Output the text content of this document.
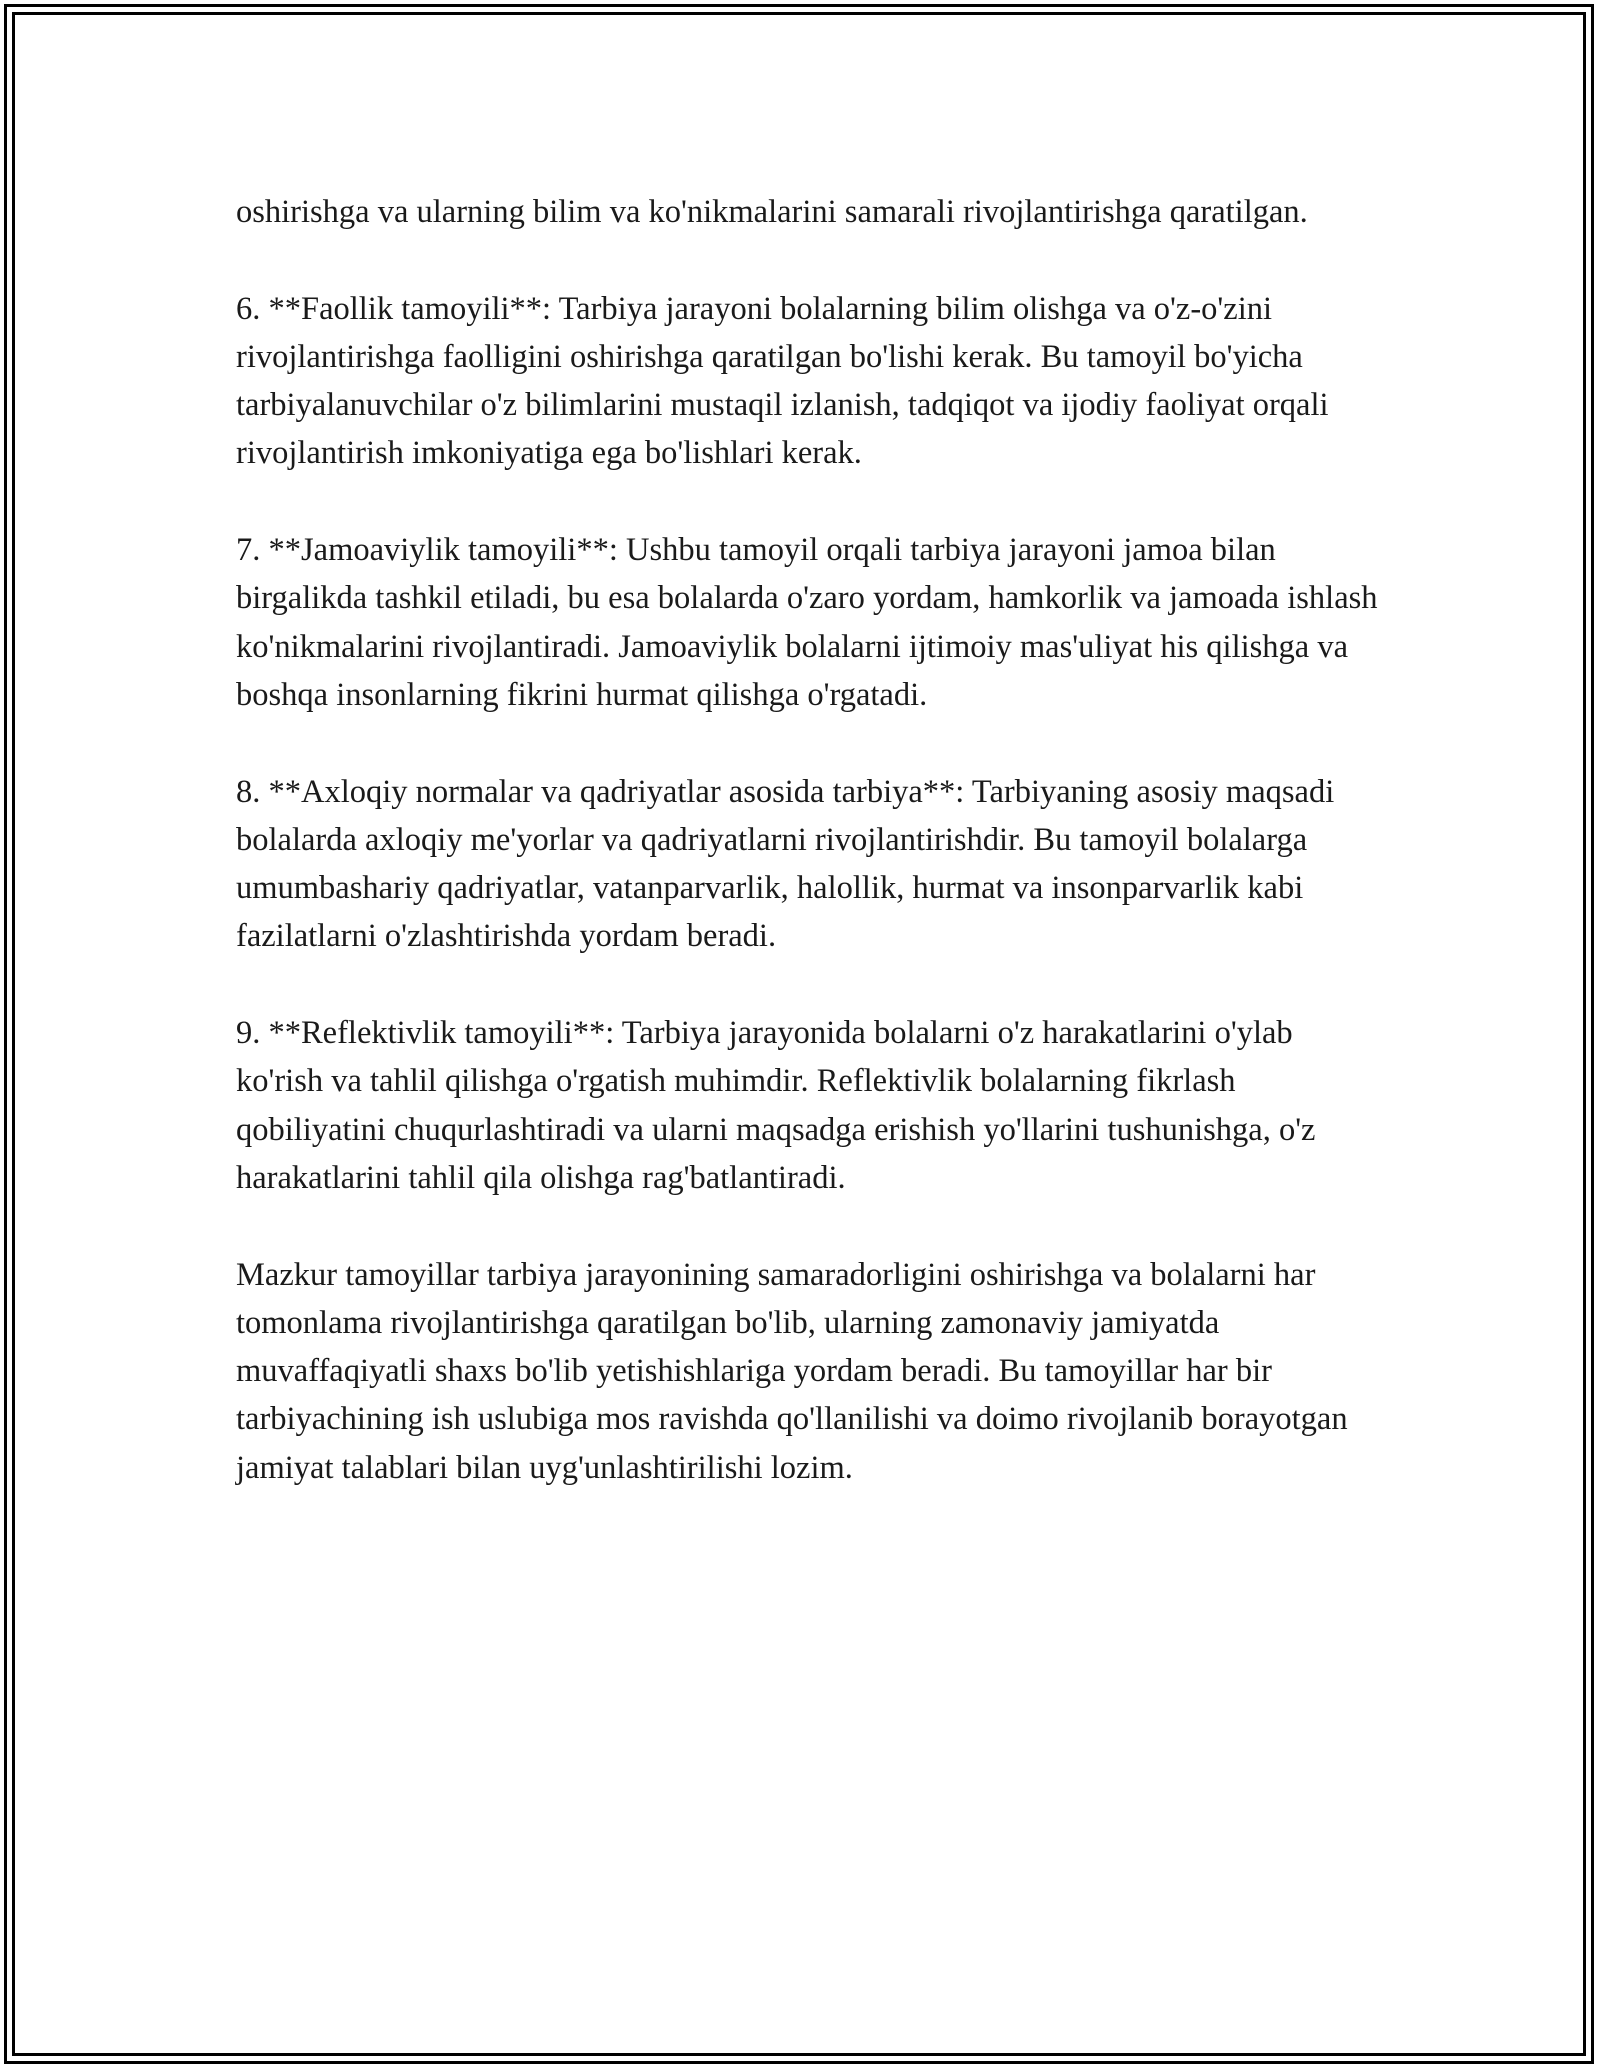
oshirishga va ularning bilim va ko'nikmalarini samarali rivojlantirishga qaratilgan.

6. **Faollik tamoyili**: Tarbiya jarayoni bolalarning bilim olishga va o'z-o'zini rivojlantirishga faolligini oshirishga qaratilgan bo'lishi kerak. Bu tamoyil bo'yicha tarbiyalanuvchilar o'z bilimlarini mustaqil izlanish, tadqiqot va ijodiy faoliyat orqali rivojlantirish imkoniyatiga ega bo'lishlari kerak.

7. **Jamoaviylik tamoyili**: Ushbu tamoyil orqali tarbiya jarayoni jamoa bilan birgalikda tashkil etiladi, bu esa bolalarda o'zaro yordam, hamkorlik va jamoada ishlash ko'nikmalarini rivojlantiradi. Jamoaviylik bolalarni ijtimoiy mas'uliyat his qilishga va boshqa insonlarning fikrini hurmat qilishga o'rgatadi.

8. **Axloqiy normalar va qadriyatlar asosida tarbiya**: Tarbiyaning asosiy maqsadi bolalarda axloqiy me'yorlar va qadriyatlarni rivojlantirishdir. Bu tamoyil bolalarga umumbashariy qadriyatlar, vatanparvarlik, halollik, hurmat va insonparvarlik kabi fazilatlarni o'zlashtirishda yordam beradi.

9. **Reflektivlik tamoyili**: Tarbiya jarayonida bolalarni o'z harakatlarini o'ylab ko'rish va tahlil qilishga o'rgatish muhimdir. Reflektivlik bolalarning fikrlash qobiliyatini chuqurlashtiradi va ularni maqsadga erishish yo'llarini tushunishga, o'z harakatlarini tahlil qila olishga rag'batlantiradi.

Mazkur tamoyillar tarbiya jarayonining samaradorligini oshirishga va bolalarni har tomonlama rivojlantirishga qaratilgan bo'lib, ularning zamonaviy jamiyatda muvaffaqiyatli shaxs bo'lib yetishishlariga yordam beradi. Bu tamoyillar har bir tarbiyachining ish uslubiga mos ravishda qo'llanilishi va doimo rivojlanib borayotgan jamiyat talablari bilan uyg'unlashtirilishi lozim.
